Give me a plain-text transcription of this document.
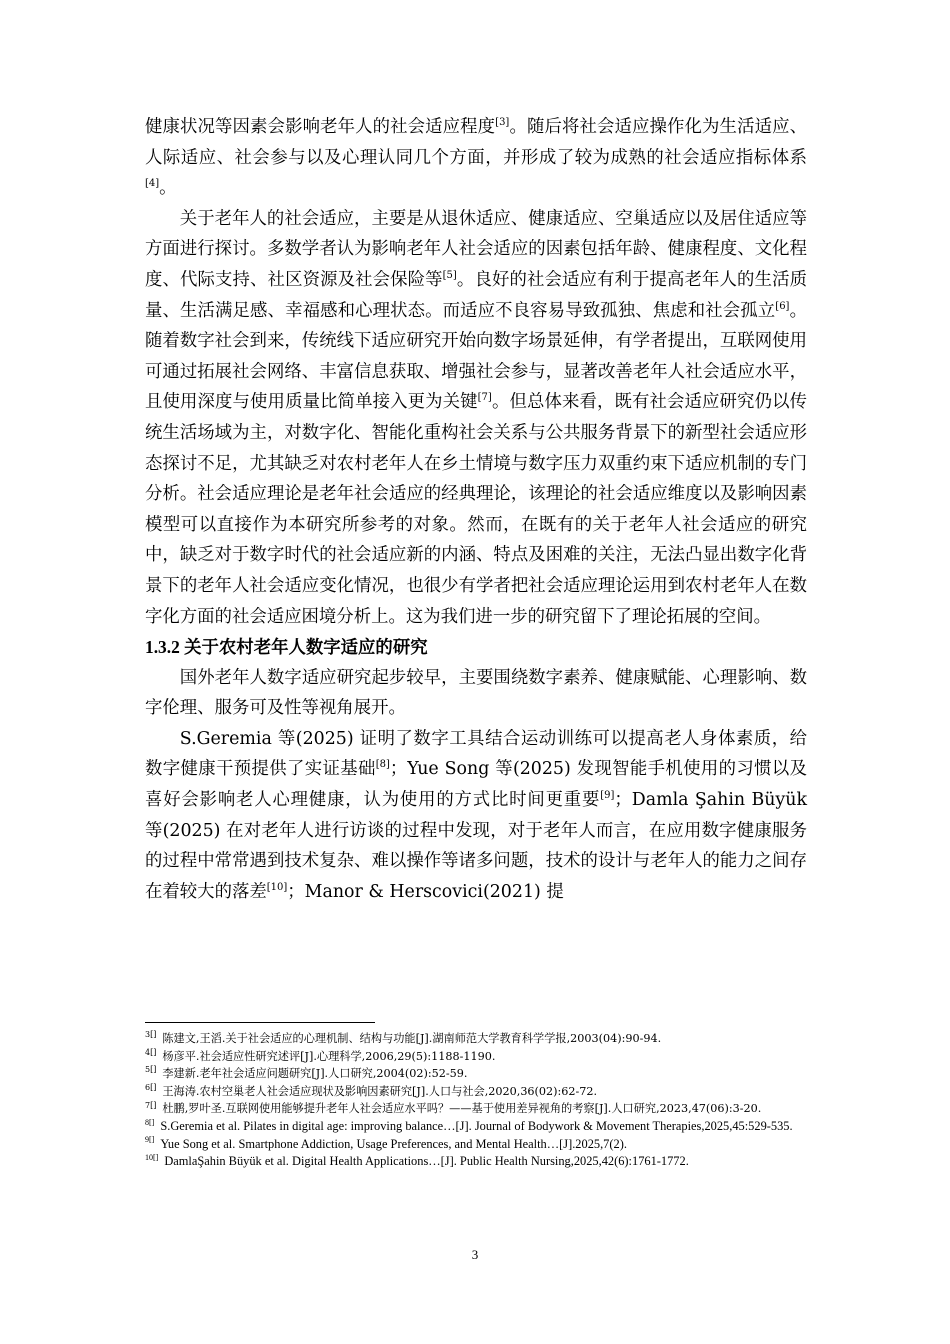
健康状况等因素会影响老年人的社会适应程度[3]。随后将社会适应操作化为生活适应、人际适应、社会参与以及心理认同几个方面，并形成了较为成熟的社会适应指标体系[4]。

关于老年人的社会适应，主要是从退休适应、健康适应、空巢适应以及居住适应等方面进行探讨。多数学者认为影响老年人社会适应的因素包括年龄、健康程度、文化程度、代际支持、社区资源及社会保险等[5]。良好的社会适应有利于提高老年人的生活质量、生活满足感、幸福感和心理状态。而适应不良容易导致孤独、焦虑和社会孤立[6]。随着数字社会到来，传统线下适应研究开始向数字场景延伸，有学者提出，互联网使用可通过拓展社会网络、丰富信息获取、增强社会参与，显著改善老年人社会适应水平，且使用深度与使用质量比简单接入更为关键[7]。但总体来看，既有社会适应研究仍以传统生活场域为主，对数字化、智能化重构社会关系与公共服务背景下的新型社会适应形态探讨不足，尤其缺乏对农村老年人在乡土情境与数字压力双重约束下适应机制的专门分析。社会适应理论是老年社会适应的经典理论，该理论的社会适应维度以及影响因素模型可以直接作为本研究所参考的对象。然而，在既有的关于老年人社会适应的研究中，缺乏对于数字时代的社会适应新的内涵、特点及困难的关注，无法凸显出数字化背景下的老年人社会适应变化情况，也很少有学者把社会适应理论运用到农村老年人在数字化方面的社会适应困境分析上。这为我们进一步的研究留下了理论拓展的空间。

1.3.2 关于农村老年人数字适应的研究

国外老年人数字适应研究起步较早，主要围绕数字素养、健康赋能、心理影响、数字伦理、服务可及性等视角展开。

S.Geremia 等(2025) 证明了数字工具结合运动训练可以提高老人身体素质，给数字健康干预提供了实证基础[8]；Yue Song 等(2025) 发现智能手机使用的习惯以及喜好会影响老人心理健康，认为使用的方式比时间更重要[9]；Damla Şahin Büyük 等(2025) 在对老年人进行访谈的过程中发现，对于老年人而言，在应用数字健康服务的过程中常常遇到技术复杂、难以操作等诸多问题，技术的设计与老年人的能力之间存在着较大的落差[10]；Manor & Herscovici(2021) 提

$^{3[]}$ 陈建文,王滔.关于社会适应的心理机制、结构与功能[J].湖南师范大学教育科学学报,2003(04):90-94.

$^{4[]}$ 杨彦平.社会适应性研究述评[J].心理科学,2006,29(5):1188-1190.

$^{5[]}$ 李建新.老年社会适应问题研究[J].人口研究,2004(02):52-59.

$^{6[]}$ 王海涛.农村空巢老人社会适应现状及影响因素研究[J].人口与社会,2020,36(02):62-72.

$^{7[]}$ 杜鹏,罗叶圣.互联网使用能够提升老年人社会适应水平吗？——基于使用差异视角的考察[J].人口研究,2023,47(06):3-20.

$^{8[]}$ S.Geremia et al. Pilates in digital age: improving balance…[J]. Journal of Bodywork & Movement Therapies,2025,45:529-535.

$^{9[]}$ Yue Song et al. Smartphone Addiction, Usage Preferences, and Mental Health…[J].2025,7(2).

$^{10[]}$ DamlaŞahin Büyük et al. Digital Health Applications…[J]. Public Health Nursing,2025,42(6):1761-1772.

3
